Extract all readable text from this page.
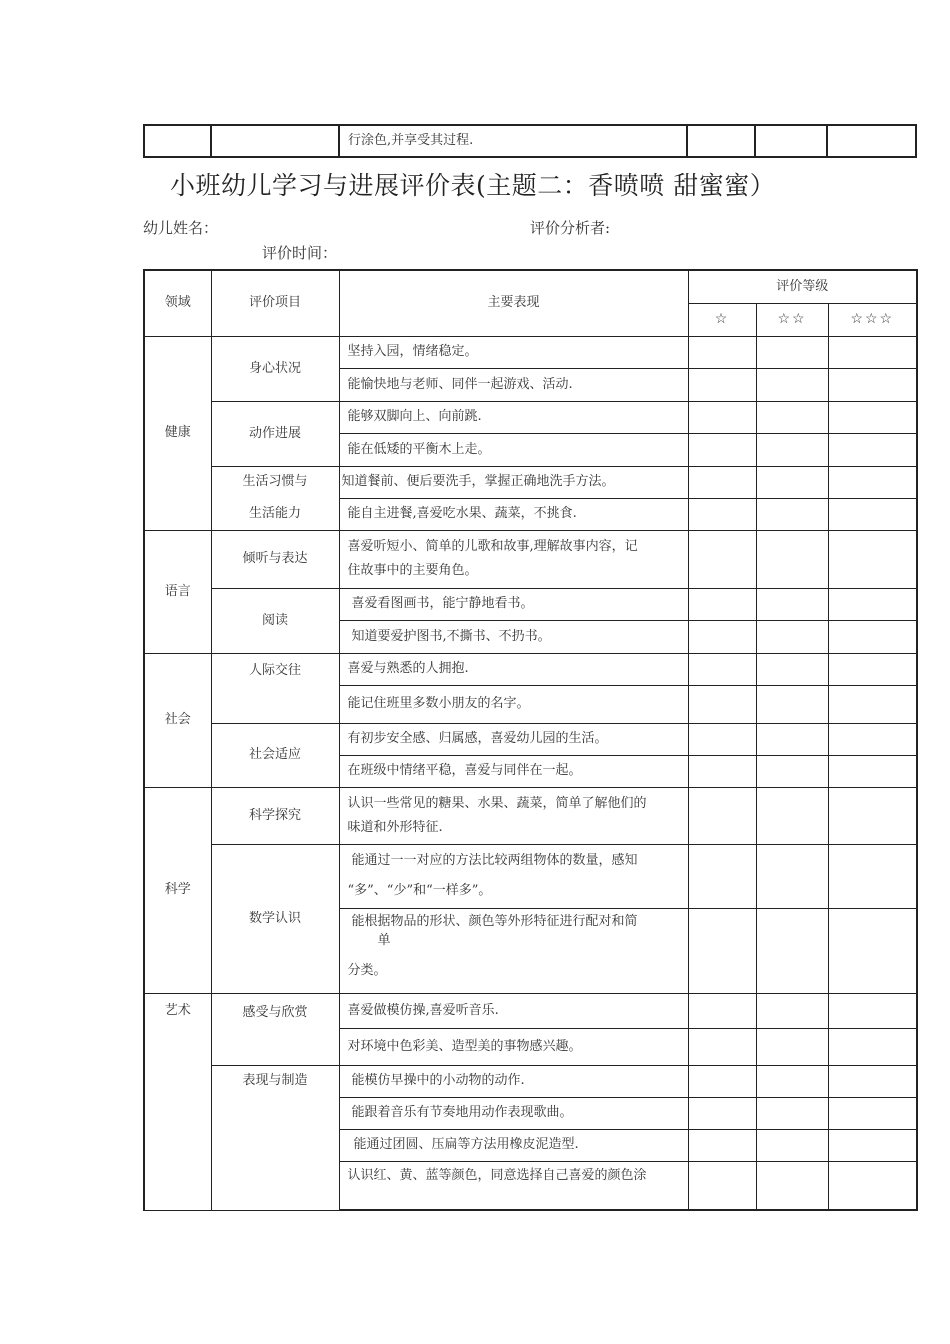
		行涂色,并享受其过程.			
小班幼儿学习与进展评价表(主题二：香喷喷 甜蜜蜜）
幼儿姓名：	评价分析者:
评价时间：
领域	评价项目	主要表现	评价等级		
			☆	☆☆	☆☆☆
健康	身心状况	坚持入园，情绪稳定。			
		能愉快地与老师、同伴一起游戏、活动.			
	动作进展	能够双脚向上、向前跳.			
		能在低矮的平衡木上走。			
	生活习惯与	知道餐前、便后要洗手，掌握正确地洗手方法。			
	生活能力	能自主进餐,喜爱吃水果、蔬菜，不挑食.			
语言	倾听与表达	喜爱听短小、简单的儿歌和故事,理解故事内容，记
住故事中的主要角色。			

	阅读	喜爱看图画书，能宁静地看书。			
		知道要爱护图书,不撕书、不扔书。			
社会	人际交往	喜爱与熟悉的人拥抱.			
		能记住班里多数小朋友的名字。			
	社会适应	有初步安全感、归属感，喜爱幼儿园的生活。			
		在班级中情绪平稳，喜爱与同伴在一起。			
科学	科学探究	认识一些常见的糖果、水果、蔬菜，简单了解他们的
味道和外形特征.			

	数学认识	能通过一一对应的方法比较两组物体的数量，感知
“多”、“少”和“一样多”。			

		能根据物品的形状、颜色等外形特征进行配对和简
单
分类。			

艺术	感受与欣赏	喜爱做模仿操,喜爱听音乐.			
		对环境中色彩美、造型美的事物感兴趣。			
	表现与制造	能模仿早操中的小动物的动作.			
		能跟着音乐有节奏地用动作表现歌曲。			
		能通过团圆、压扁等方法用橡皮泥造型.			
		认识红、黄、蓝等颜色，同意选择自己喜爱的颜色涂			
